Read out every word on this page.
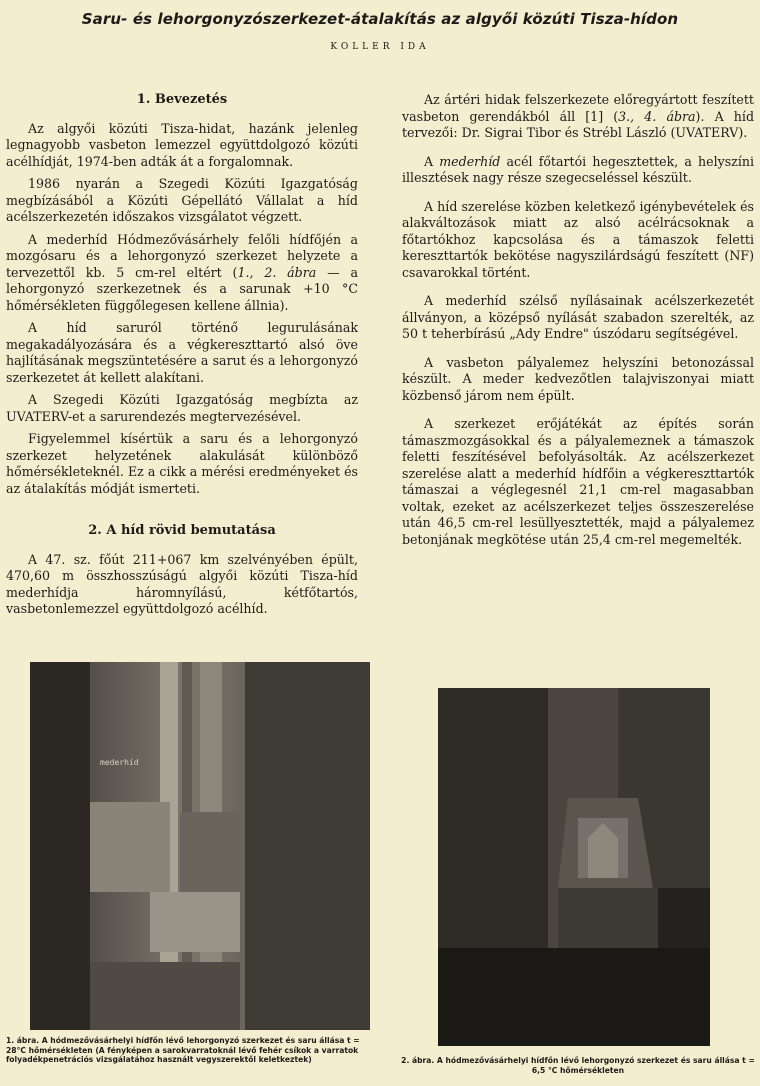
Saru- és lehorgonyzószerkezet-átalakítás az algyői közúti Tisza-hídon
KOLLER IDA
1. Bevezetés

Az algyői közúti Tisza-hidat, hazánk jelenleg legnagyobb vasbeton lemezzel együttdolgozó közúti acélhídját, 1974-ben adták át a forgalomnak.

1986 nyarán a Szegedi Közúti Igazgatóság megbízásából a Közúti Gépellátó Vállalat a híd acélszerkezetén időszakos vizsgálatot végzett.

A mederhíd Hódmezővásárhely felőli hídfőjén a mozgósaru és a lehorgonyzó szerkezet helyzete a tervezettől kb. 5 cm-rel eltért (1., 2. ábra — a lehorgonyzó szerkezetnek és a sarunak +10 °C hőmérsékleten függőlegesen kellene állnia).

A híd saruról történő legurulásának megakadályozására és a végkereszttartó alsó öve hajlításának megszüntetésére a sarut és a lehorgonyzó szerkezetet át kellett alakítani.

A Szegedi Közúti Igazgatóság megbízta az UVATERV-et a sarurendezés megtervezésével.

Figyelemmel kísértük a saru és a lehorgonyzó szerkezet helyzetének alakulását különböző hőmérsékleteknél. Ez a cikk a mérési eredményeket és az átalakítás módját ismerteti.

2. A híd rövid bemutatása

A 47. sz. főút 211+067 km szelvényében épült, 470,60 m összhosszúságú algyői közúti Tisza-híd mederhídja háromnyílású, kétfőtartós, vasbetonlemezzel együttdolgozó acélhíd.

Az ártéri hidak felszerkezete előregyártott feszített vasbeton gerendákból áll [1] (3., 4. ábra). A híd tervezői: Dr. Sigrai Tibor és Strébl László (UVATERV).

A mederhíd acél főtartói hegesztettek, a helyszíni illesztések nagy része szegecseléssel készült.

A híd szerelése közben keletkező igénybevételek és alakváltozások miatt az alsó acélrácsoknak a főtartókhoz kapcsolása és a támaszok feletti kereszttartók bekötése nagyszilárdságú feszített (NF) csavarokkal történt.

A mederhíd szélső nyílásainak acélszerkezetét állványon, a középső nyílását szabadon szerelték, az 50 t teherbírású „Ady Endre" úszódaru segítségével.

A vasbeton pályalemez helyszíni betonozással készült. A meder kedvezőtlen talajviszonyai miatt közbenső járom nem épült.

A szerkezet erőjátékát az építés során támaszmozgásokkal és a pályalemeznek a támaszok feletti feszítésével befolyásolták. Az acélszerkezet szerelése alatt a mederhíd hídfőin a végkereszttartók támaszai a véglegesnél 21,1 cm-rel magasabban voltak, ezeket az acélszerkezet teljes összeszerelése után 46,5 cm-rel lesüllyesztették, majd a pályalemez betonjának megkötése után 25,4 cm-rel megemelték.

mederhíd
1. ábra. A hódmezővásárhelyi hídfőn lévő lehorgonyzó szerkezet és saru állása t = 28°C hőmérsékleten (A fényképen a sarokvarratoknál lévő fehér csíkok a varratok folyadékpenetrációs vizsgálatához használt vegyszerektől keletkeztek)	2. ábra. A hódmezővásárhelyi hídfőn lévő lehorgonyzó szerkezet és saru állása t = 6,5 °C hőmérsékleten
